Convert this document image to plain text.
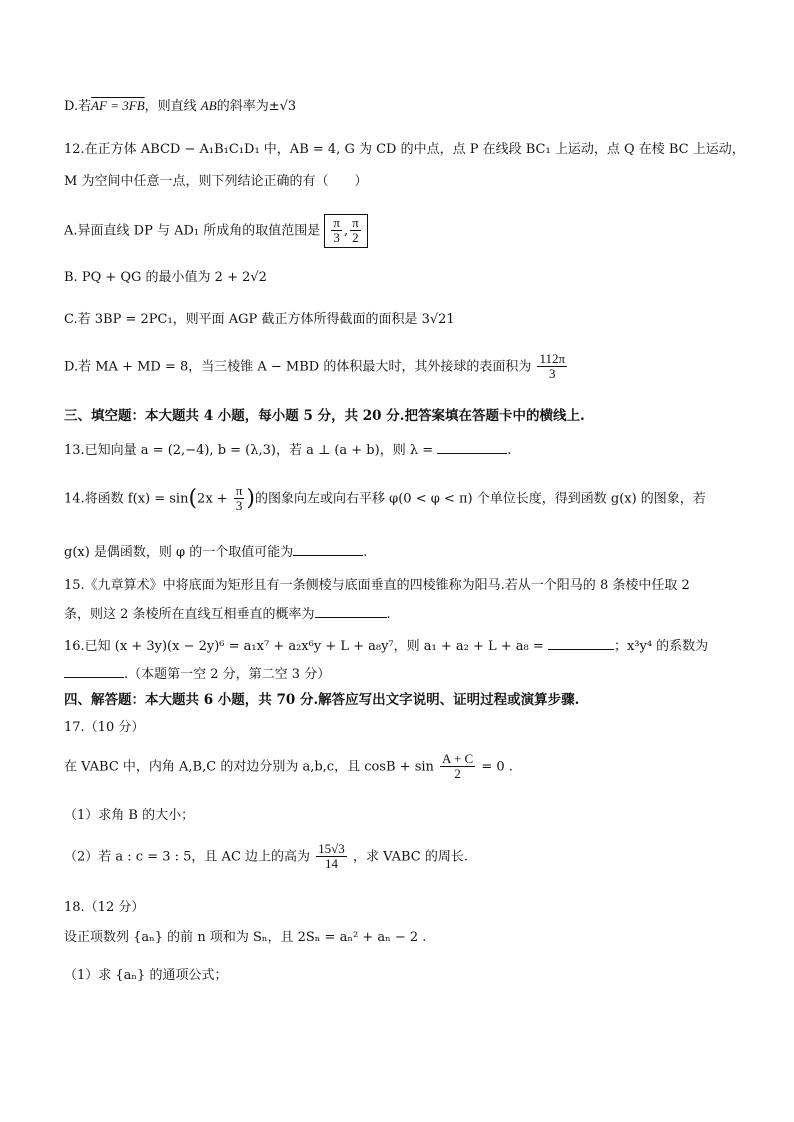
D.若AF = 3FB，则直线 AB的斜率为±√3
12.在正方体 ABCD − A₁B₁C₁D₁ 中，AB = 4, G 为 CD 的中点，点 P 在线段 BC₁ 上运动，点 Q 在棱 BC 上运动，
M 为空间中任意一点，则下列结论正确的有（　　）
A.异面直线 DP 与 AD₁ 所成角的取值范围是 $\frac{\pi}{3}$ , $\frac{\pi}{2}$
B. PQ + QG 的最小值为 2 + 2√2
C.若 3BP = 2PC₁，则平面 AGP 截正方体所得截面的面积是 3√21
D.若 MA + MD = 8，当三棱锥 A − MBD 的体积最大时，其外接球的表面积为 $\frac{112\pi}{3}$
三、填空题：本大题共 4 小题，每小题 5 分，共 20 分.把答案填在答题卡中的横线上.
13.已知向量 a = (2,−4), b = (λ,3)，若 a ⊥ (a + b)，则 λ =	.
14.将函数 $f(x) = \sin(2x + \frac{\pi}{3}$ )的图象向左或向右平移 φ(0 < φ < π) 个单位长度，得到函数 g(x) 的图象，若
g(x) 是偶函数，则 φ 的一个取值可能为	.
15.《九章算术》中将底面为矩形且有一条侧棱与底面垂直的四棱锥称为阳马.若从一个阳马的 8 条棱中任取 2
条，则这 2 条棱所在直线互相垂直的概率为	.
16.已知 (x + 3y)(x − 2y)⁶ = a₁x⁷ + a₂x⁶y + L + a₈y⁷，则 a₁ + a₂ + L + a₈ =	；x³y⁴ 的系数为
.（本题第一空 2 分，第二空 3 分）
四、解答题：本大题共 6 小题，共 70 分.解答应写出文字说明、证明过程或演算步骤.
17.（10 分）
在 VABC 中，内角 A,B,C 的对边分别为 a,b,c，且 $\cos B + \sin \frac{A + C}{2} = 0$ .
（1）求角 B 的大小；
（2）若 a : c = 3 : 5，且 AC 边上的高为 $\frac{15√3}{14}$ ，求 VABC 的周长.
18.（12 分）
设正项数列 {aₙ} 的前 n 项和为 Sₙ，且 2Sₙ = aₙ² + aₙ − 2 .
（1）求 {aₙ} 的通项公式；
